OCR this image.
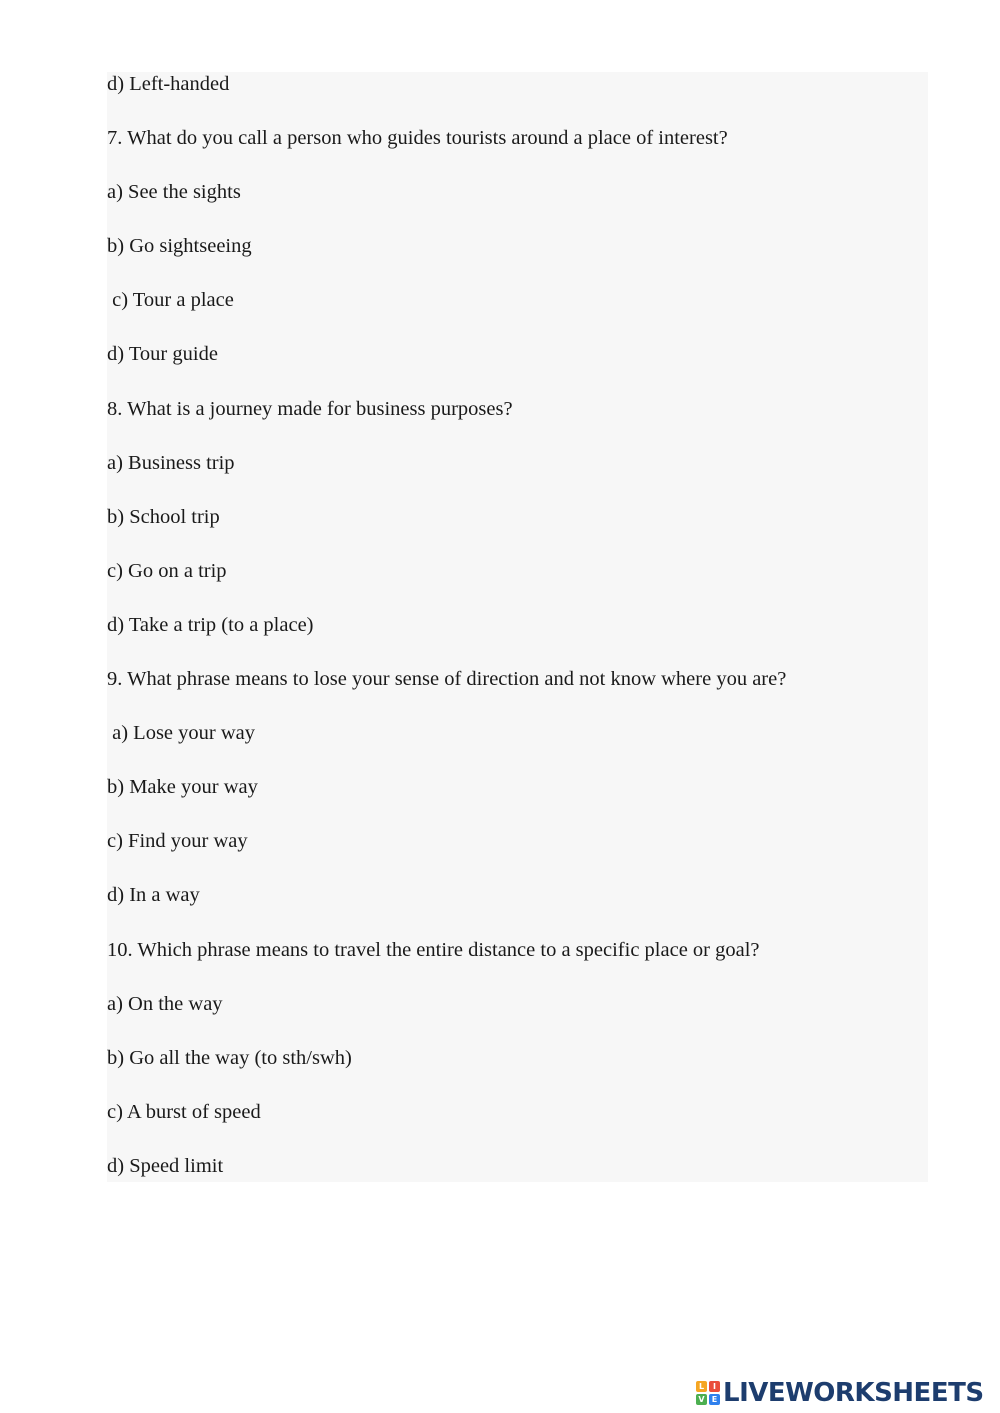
d) Left-handed
7. What do you call a person who guides tourists around a place of interest?
a) See the sights
b) Go sightseeing
c) Tour a place
d) Tour guide
8. What is a journey made for business purposes?
a) Business trip
b) School trip
c) Go on a trip
d) Take a trip (to a place)
9. What phrase means to lose your sense of direction and not know where you are?
a) Lose your way
b) Make your way
c) Find your way
d) In a way
10. Which phrase means to travel the entire distance to a specific place or goal?
a) On the way
b) Go all the way (to sth/swh)
c) A burst of speed
d) Speed limit
L	I
V E LIVEWORKSHEETS
